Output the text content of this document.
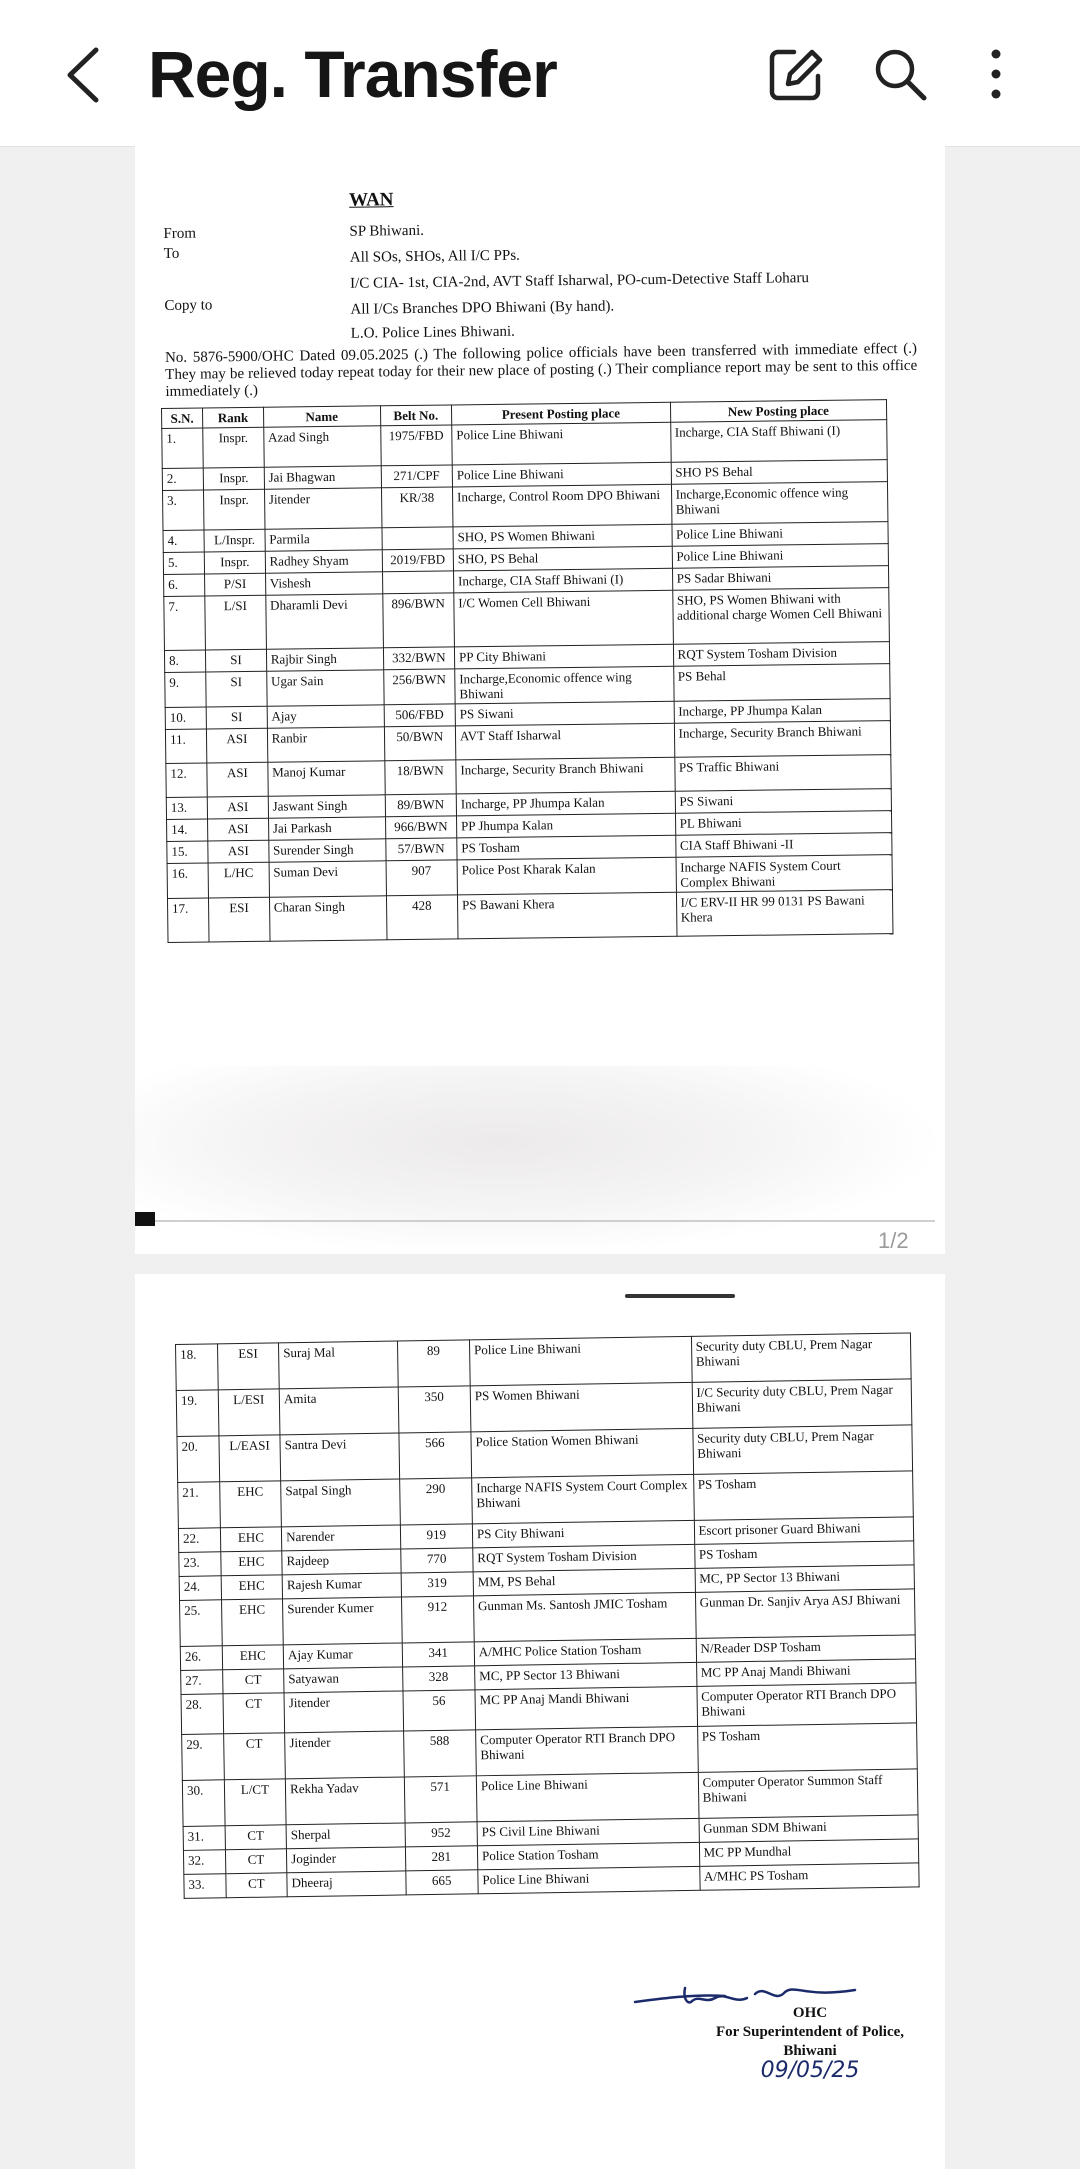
Reg. Transfer
WAN
From	SP Bhiwani.
To	All SOs, SHOs, All I/C PPs.
I/C CIA- 1st, CIA-2nd, AVT Staff Isharwal, PO-cum-Detective Staff Loharu
Copy to	All I/Cs Branches DPO Bhiwani (By hand).
L.O. Police Lines Bhiwani.
No. 5876-5900/OHC Dated 09.05.2025 (.) The following police officials have been transferred with immediate effect (.) They may be relieved today repeat today for their new place of posting (.) Their compliance report may be sent to this office immediately (.)
S.N.	Rank	Name	Belt No.	Present Posting place	New Posting place
1.	Inspr.	Azad Singh	1975/FBD	Police Line Bhiwani	Incharge, CIA Staff Bhiwani (I)
2.	Inspr.	Jai Bhagwan	271/CPF	Police Line Bhiwani	SHO PS Behal
3.	Inspr.	Jitender	KR/38	Incharge, Control Room DPO Bhiwani	Incharge,Economic offence wing Bhiwani
4.	L/Inspr.	Parmila		SHO, PS Women Bhiwani	Police Line Bhiwani
5.	Inspr.	Radhey Shyam	2019/FBD	SHO, PS Behal	Police Line Bhiwani
6.	P/SI	Vishesh		Incharge, CIA Staff Bhiwani (I)	PS Sadar Bhiwani
7.	L/SI	Dharamli Devi	896/BWN	I/C Women Cell Bhiwani	SHO, PS Women Bhiwani with additional charge Women Cell Bhiwani
8.	SI	Rajbir Singh	332/BWN	PP City Bhiwani	RQT System Tosham Division
9.	SI	Ugar Sain	256/BWN	Incharge,Economic offence wing Bhiwani	PS Behal
10.	SI	Ajay	506/FBD	PS Siwani	Incharge, PP Jhumpa Kalan
11.	ASI	Ranbir	50/BWN	AVT Staff Isharwal	Incharge, Security Branch Bhiwani
12.	ASI	Manoj Kumar	18/BWN	Incharge, Security Branch Bhiwani	PS Traffic Bhiwani
13.	ASI	Jaswant Singh	89/BWN	Incharge, PP Jhumpa Kalan	PS Siwani
14.	ASI	Jai Parkash	966/BWN	PP Jhumpa Kalan	PL Bhiwani
15.	ASI	Surender Singh	57/BWN	PS Tosham	CIA Staff Bhiwani -II
16.	L/HC	Suman Devi	907	Police Post Kharak Kalan	Incharge NAFIS System Court Complex Bhiwani
17.	ESI	Charan Singh	428	PS Bawani Khera	I/C ERV-II HR 99 0131 PS Bawani Khera
1/2
18.	ESI	Suraj Mal	89	Police Line Bhiwani	Security duty CBLU, Prem Nagar Bhiwani
19.	L/ESI	Amita	350	PS Women Bhiwani	I/C Security duty CBLU, Prem Nagar Bhiwani
20.	L/EASI	Santra Devi	566	Police Station Women Bhiwani	Security duty CBLU, Prem Nagar Bhiwani
21.	EHC	Satpal Singh	290	Incharge NAFIS System Court Complex Bhiwani	PS Tosham
22.	EHC	Narender	919	PS City Bhiwani	Escort prisoner Guard Bhiwani
23.	EHC	Rajdeep	770	RQT System Tosham Division	PS Tosham
24.	EHC	Rajesh Kumar	319	MM, PS Behal	MC, PP Sector 13 Bhiwani
25.	EHC	Surender Kumer	912	Gunman Ms. Santosh JMIC Tosham	Gunman Dr. Sanjiv Arya ASJ Bhiwani
26.	EHC	Ajay Kumar	341	A/MHC Police Station Tosham	N/Reader DSP Tosham
27.	CT	Satyawan	328	MC, PP Sector 13 Bhiwani	MC PP Anaj Mandi Bhiwani
28.	CT	Jitender	56	MC PP Anaj Mandi Bhiwani	Computer Operator RTI Branch DPO Bhiwani
29.	CT	Jitender	588	Computer Operator RTI Branch DPO Bhiwani	PS Tosham
30.	L/CT	Rekha Yadav	571	Police Line Bhiwani	Computer Operator Summon Staff Bhiwani
31.	CT	Sherpal	952	PS Civil Line Bhiwani	Gunman SDM Bhiwani
32.	CT	Joginder	281	Police Station Tosham	MC PP Mundhal
33.	CT	Dheeraj	665	Police Line Bhiwani	A/MHC PS Tosham
OHC
For Superintendent of Police,
Bhiwani
09/05/25
